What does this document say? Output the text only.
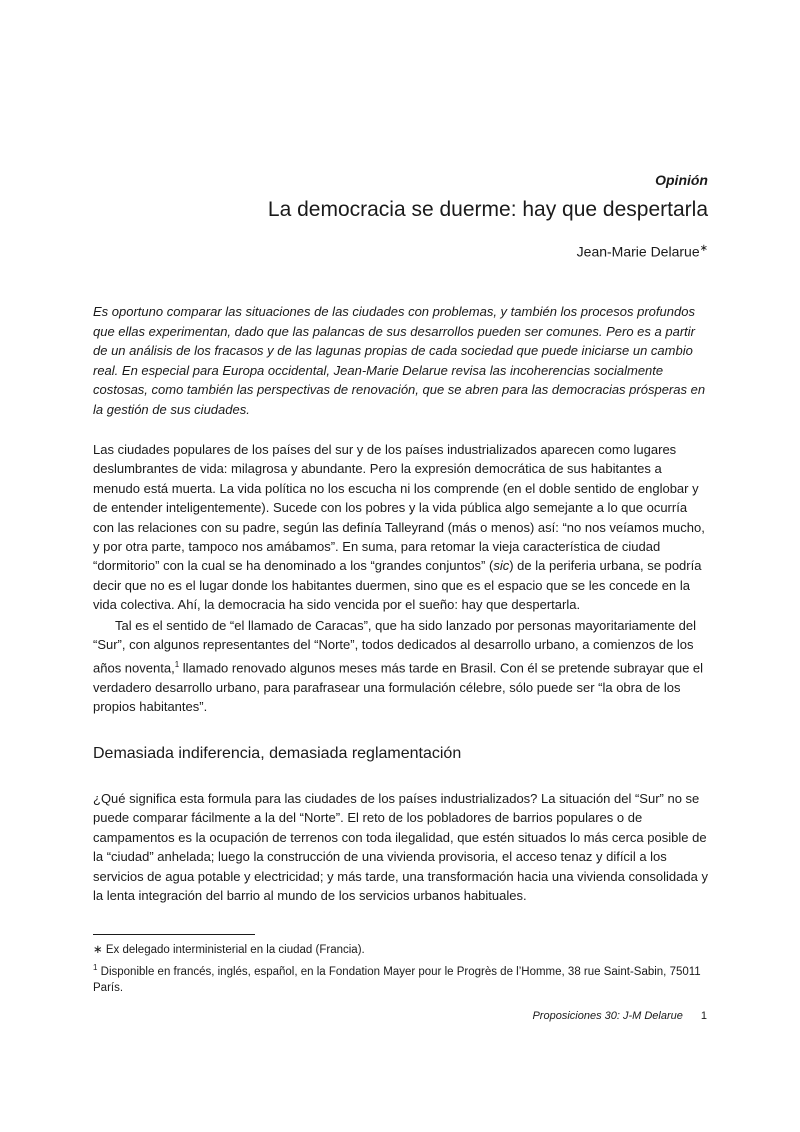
Opinión
La democracia se duerme: hay que despertarla
Jean-Marie Delarue∗

Es oportuno comparar las situaciones de las ciudades con problemas, y también los procesos profundos que ellas experimentan, dado que las palancas de sus desarrollos pueden ser comunes. Pero es a partir de un análisis de los fracasos y de las lagunas propias de cada sociedad que puede iniciarse un cambio real. En especial para Europa occidental, Jean-Marie Delarue revisa las incoherencias socialmente costosas, como también las perspectivas de renovación, que se abren para las democracias prósperas en la gestión de sus ciudades.

Las ciudades populares de los países del sur y de los países industrializados aparecen como lugares deslumbrantes de vida: milagrosa y abundante. Pero la expresión democrática de sus habitantes a menudo está muerta. La vida política no los escucha ni los comprende (en el doble sentido de englobar y de entender inteligentemente). Sucede con los pobres y la vida pública algo semejante a lo que ocurría con las relaciones con su padre, según las definía Talleyrand (más o menos) así: “no nos veíamos mucho, y por otra parte, tampoco nos amábamos”. En suma, para retomar la vieja característica de ciudad “dormitorio” con la cual se ha denominado a los “grandes conjuntos” (sic) de la periferia urbana, se podría decir que no es el lugar donde los habitantes duermen, sino que es el espacio que se les concede en la vida colectiva. Ahí, la democracia ha sido vencida por el sueño: hay que despertarla.

Tal es el sentido de “el llamado de Caracas”, que ha sido lanzado por personas mayoritariamente del “Sur”, con algunos representantes del “Norte”, todos dedicados al desarrollo urbano, a comienzos de los años noventa,$^1$ llamado renovado algunos meses más tarde en Brasil. Con él se pretende subrayar que el verdadero desarrollo urbano, para parafrasear una formulación célebre, sólo puede ser “la obra de los propios habitantes”.

Demasiada indiferencia, demasiada reglamentación

¿Qué significa esta formula para las ciudades de los países industrializados? La situación del “Sur” no se puede comparar fácilmente a la del “Norte”. El reto de los pobladores de barrios populares o de campamentos es la ocupación de terrenos con toda ilegalidad, que estén situados lo más cerca posible de la “ciudad” anhelada; luego la construcción de una vivienda provisoria, el acceso tenaz y difícil a los servicios de agua potable y electricidad; y más tarde, una transformación hacia una vivienda consolidada y la lenta integración del barrio al mundo de los servicios urbanos habituales.

∗ Ex delegado interministerial en la ciudad (Francia).

$^1$ Disponible en francés, inglés, español, en la Fondation Mayer pour le Progrès de l’Homme, 38 rue Saint-Sabin, 75011 París.

Proposiciones 30: J-M Delarue 1
